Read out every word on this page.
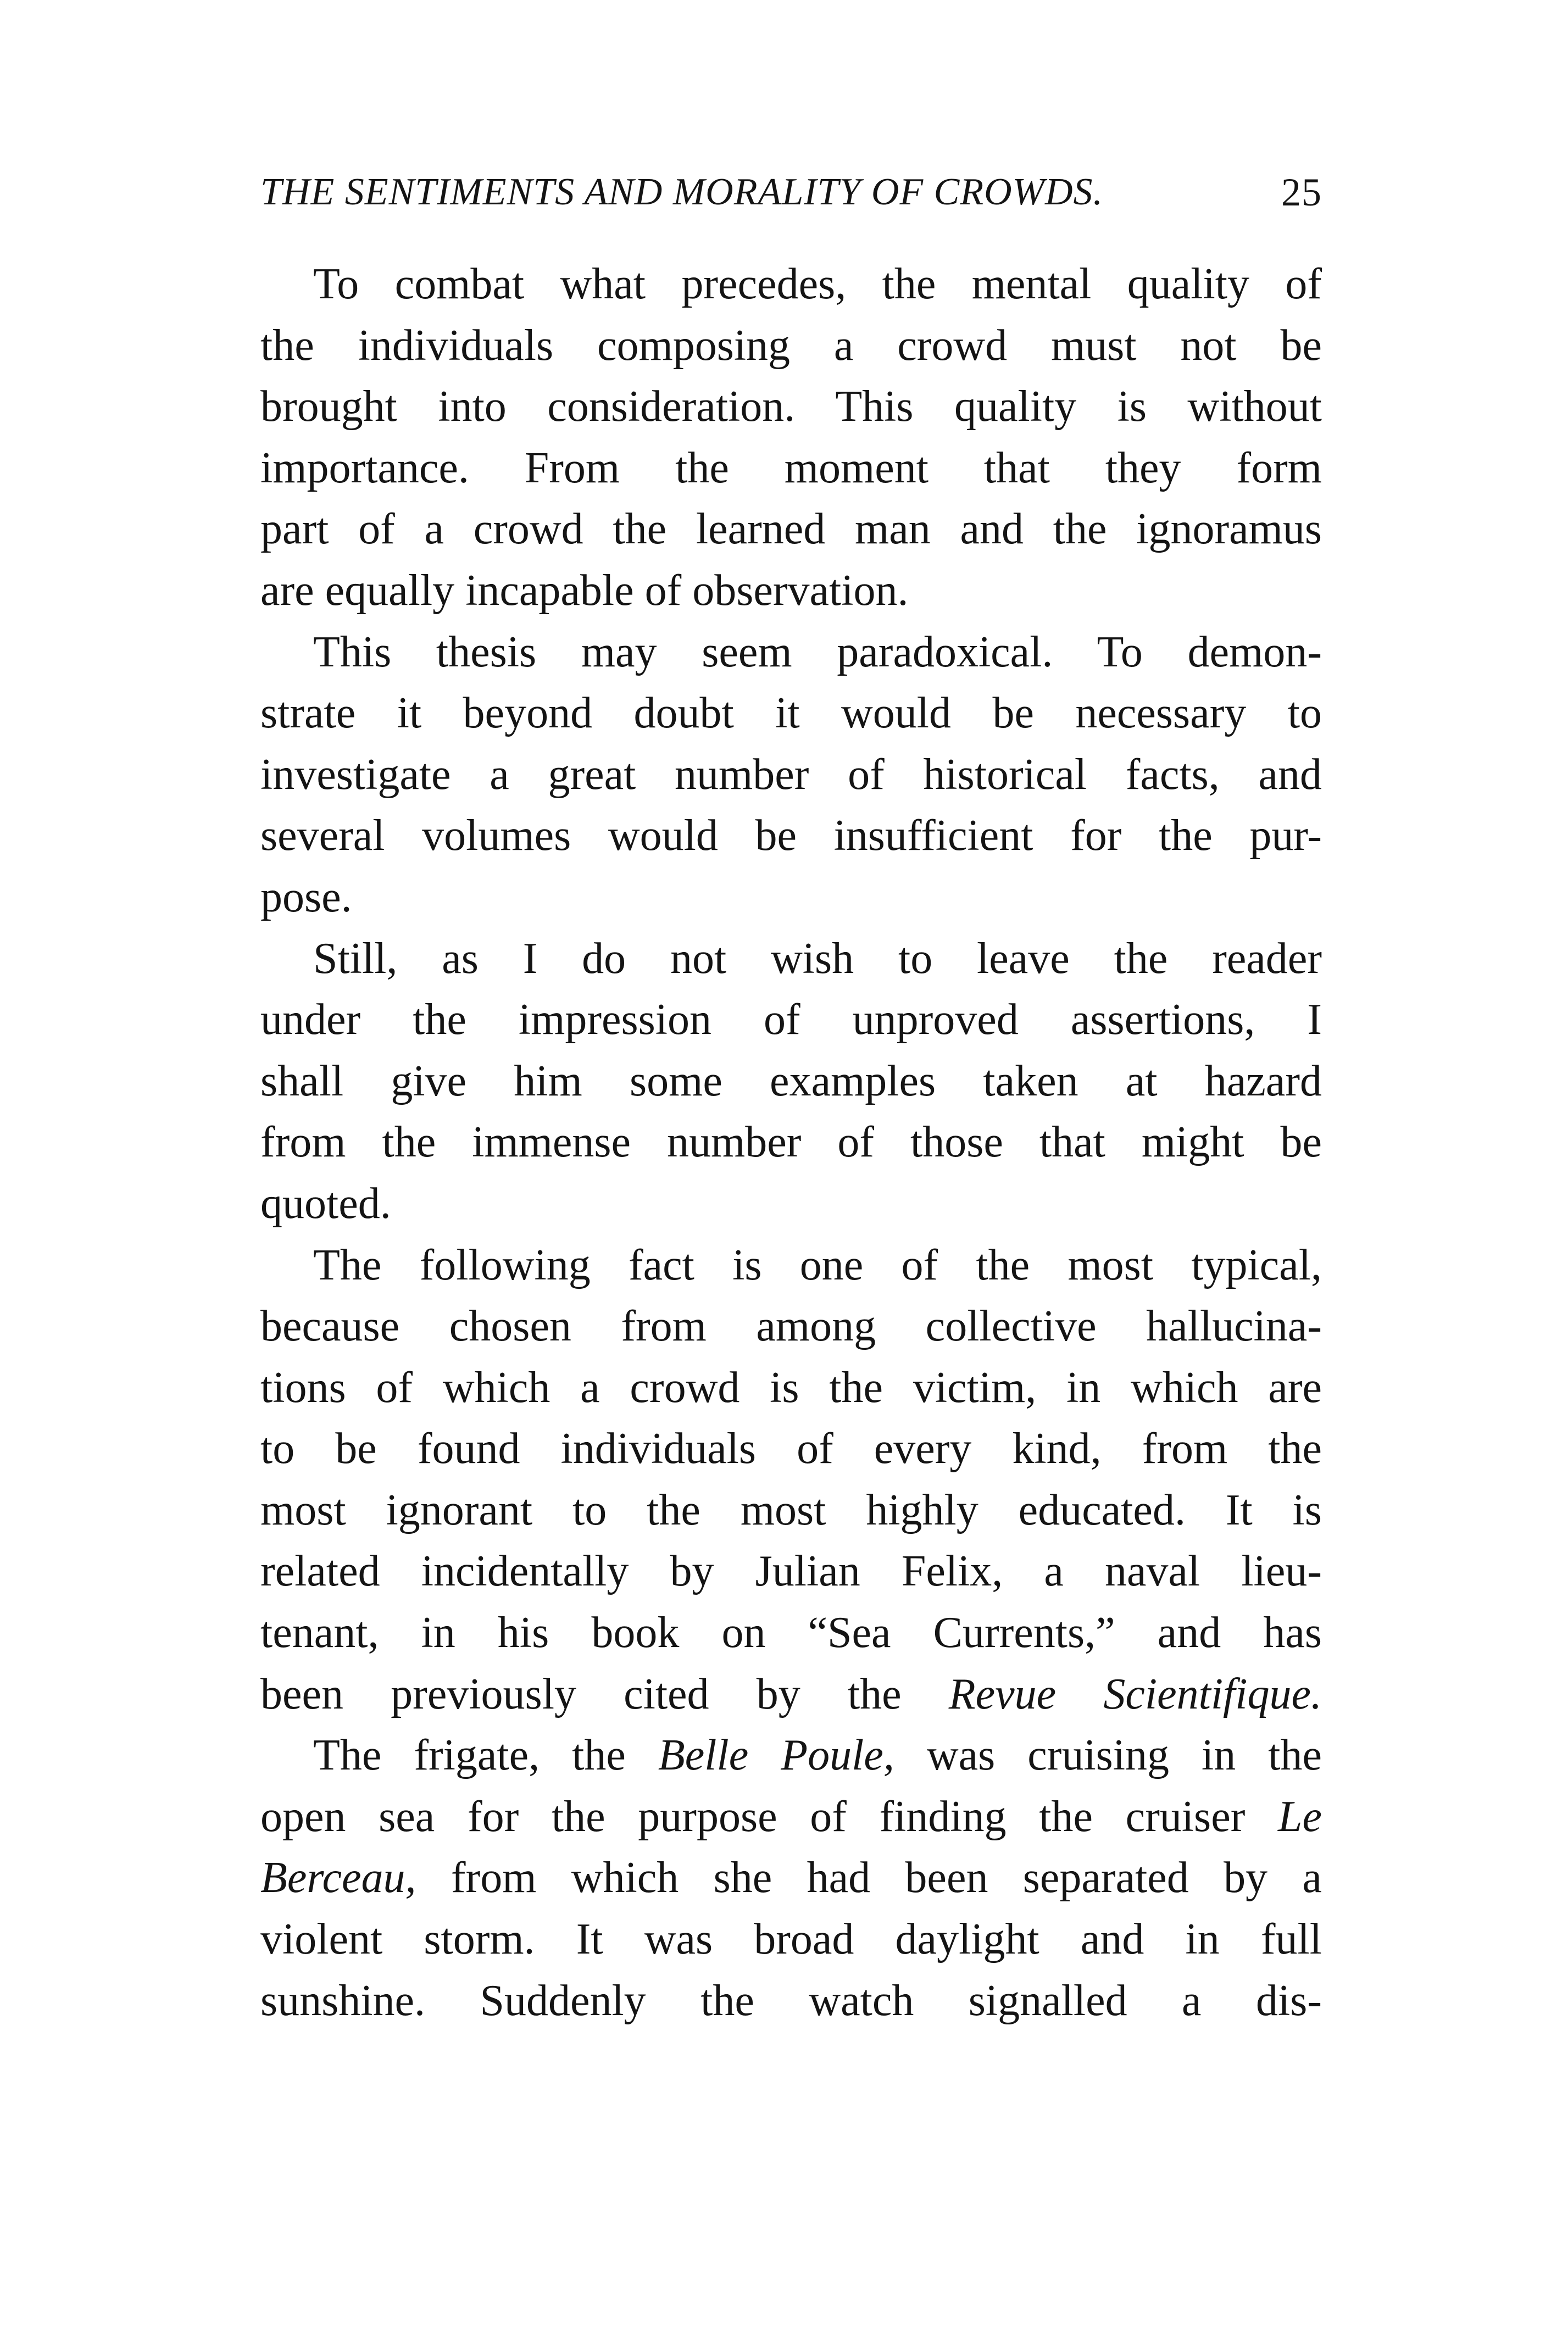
THE SENTIMENTS AND MORALITY OF CROWDS.	25
To combat what precedes, the mental quality of
the individuals composing a crowd must not be
brought into consideration. This quality is without
importance. From the moment that they form
part of a crowd the learned man and the ignoramus
are equally incapable of observation.
This thesis may seem paradoxical. To demon-
strate it beyond doubt it would be necessary to
investigate a great number of historical facts, and
several volumes would be insufficient for the pur-
pose.
Still, as I do not wish to leave the reader
under the impression of unproved assertions, I
shall give him some examples taken at hazard
from the immense number of those that might be
quoted.
The following fact is one of the most typical,
because chosen from among collective hallucina-
tions of which a crowd is the victim, in which are
to be found individuals of every kind, from the
most ignorant to the most highly educated. It is
related incidentally by Julian Felix, a naval lieu-
tenant, in his book on “Sea Currents,” and has
been previously cited by the Revue Scientifique.
The frigate, the Belle Poule, was cruising in the
open sea for the purpose of finding the cruiser Le
Berceau, from which she had been separated by a
violent storm. It was broad daylight and in full
sunshine. Suddenly the watch signalled a dis-
